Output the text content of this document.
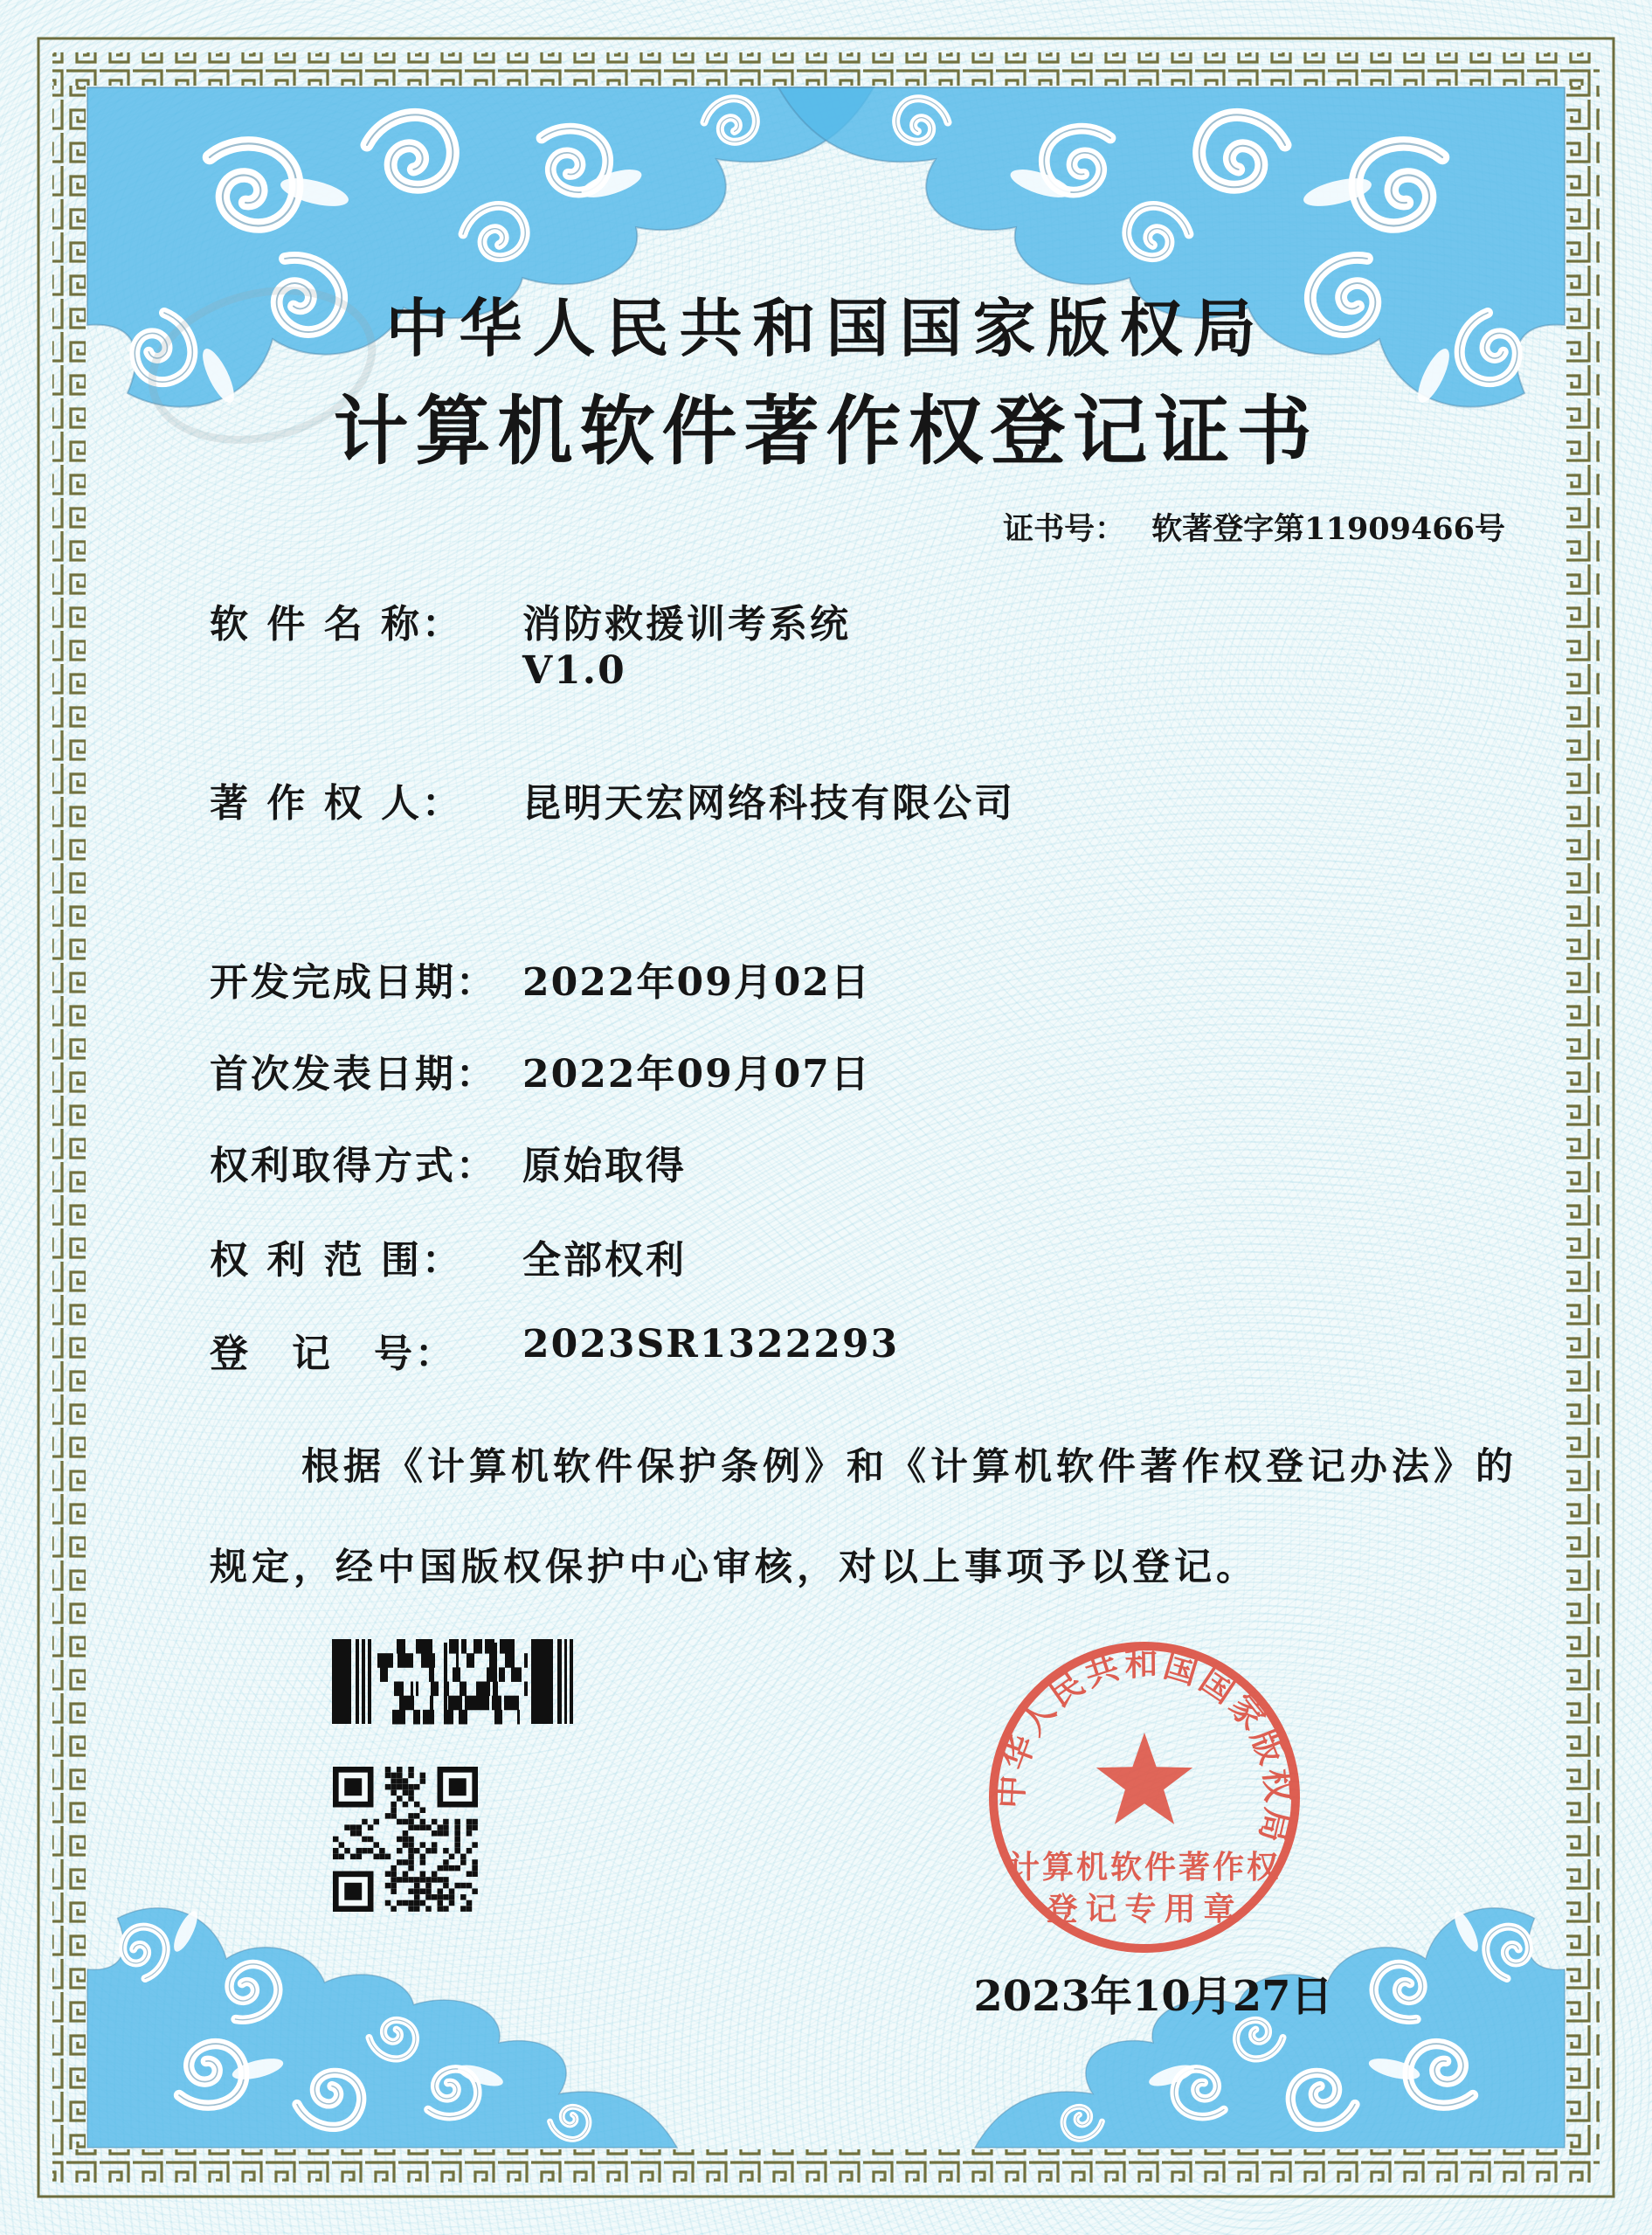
中华人民共和国国家版权局
计算机软件著作权登记证书
证书号： 软著登字第11909466号
软 件 名 称： 消防救援训考系统
V1.0
著 作 权 人： 昆明天宏网络科技有限公司
开发完成日期： 2022年09月02日
首次发表日期： 2022年09月07日
权利取得方式： 原始取得
权 利 范 围： 全部权利
登　记　号： 2023SR1322293
根据《计算机软件保护条例》和《计算机软件著作权登记办法》的
规定，经中国版权保护中心审核，对以上事项予以登记。
中华人民共和国国家版权局
计算机软件著作权
登记专用章
2023年10月27日
